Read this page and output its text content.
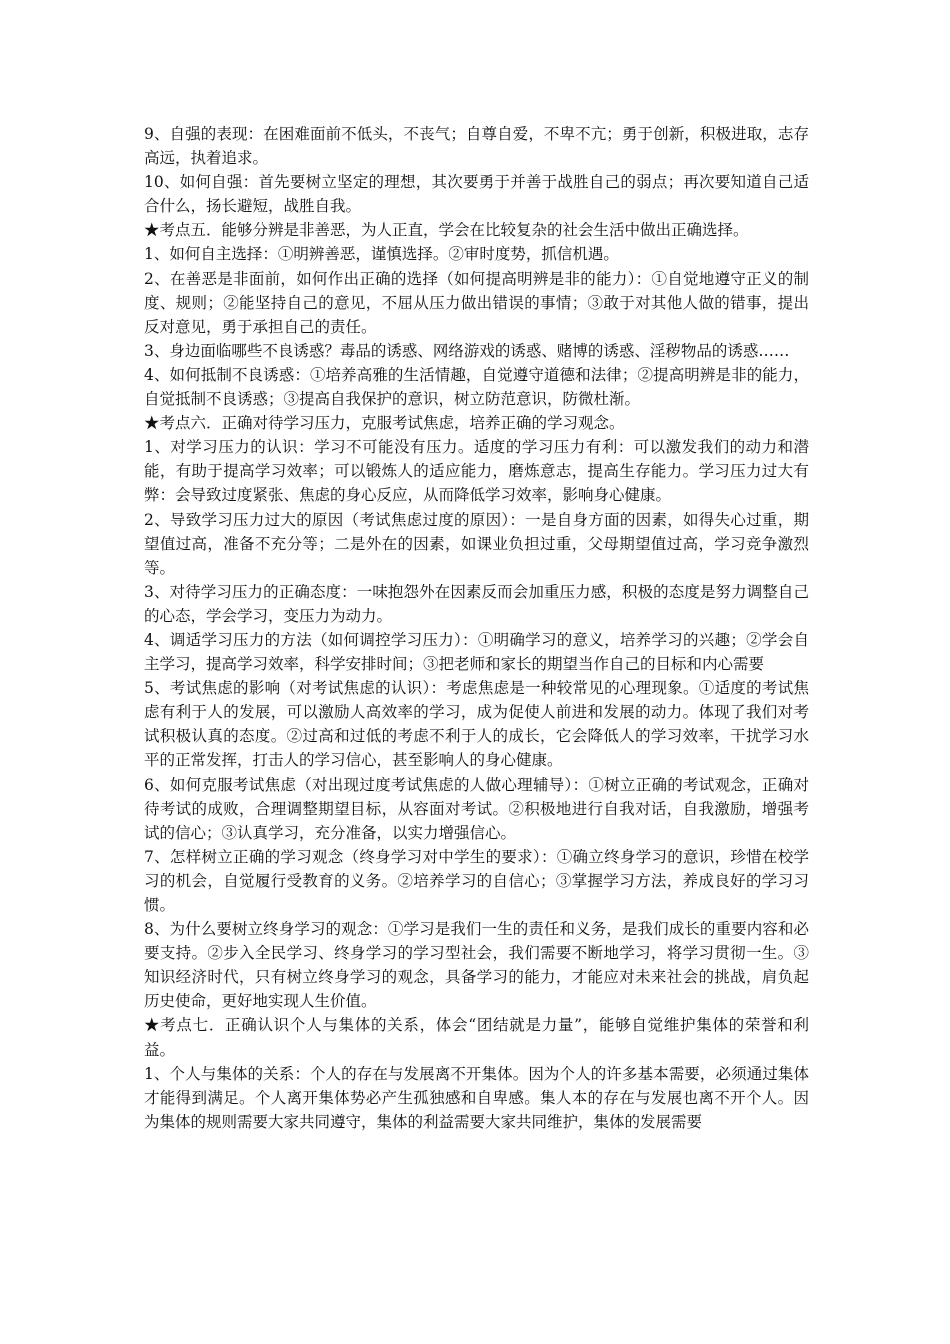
9、自强的表现：在困难面前不低头，不丧气；自尊自爱，不卑不亢；勇于创新，积极进取，志存高远，执着追求。

10、如何自强：首先要树立坚定的理想，其次要勇于并善于战胜自己的弱点；再次要知道自己适合什么，扬长避短，战胜自我。

★考点五．能够分辨是非善恶，为人正直，学会在比较复杂的社会生活中做出正确选择。

1、如何自主选择：①明辨善恶，谨慎选择。②审时度势，抓信机遇。

2、在善恶是非面前，如何作出正确的选择（如何提高明辨是非的能力）：①自觉地遵守正义的制度、规则；②能坚持自己的意见，不屈从压力做出错误的事情；③敢于对其他人做的错事，提出反对意见，勇于承担自己的责任。

3、身边面临哪些不良诱惑？毒品的诱惑、网络游戏的诱惑、赌博的诱惑、淫秽物品的诱惑……

4、如何抵制不良诱惑：①培养高雅的生活情趣，自觉遵守道德和法律；②提高明辨是非的能力，自觉抵制不良诱惑；③提高自我保护的意识，树立防范意识，防微杜渐。

★考点六．正确对待学习压力，克服考试焦虑，培养正确的学习观念。

1、对学习压力的认识：学习不可能没有压力。适度的学习压力有利：可以激发我们的动力和潜能，有助于提高学习效率；可以锻炼人的适应能力，磨炼意志，提高生存能力。学习压力过大有弊：会导致过度紧张、焦虑的身心反应，从而降低学习效率，影响身心健康。

2、导致学习压力过大的原因（考试焦虑过度的原因）：一是自身方面的因素，如得失心过重，期望值过高，准备不充分等；二是外在的因素，如课业负担过重，父母期望值过高，学习竞争激烈等。

3、对待学习压力的正确态度：一味抱怨外在因素反而会加重压力感，积极的态度是努力调整自己的心态，学会学习，变压力为动力。

4、调适学习压力的方法（如何调控学习压力）：①明确学习的意义，培养学习的兴趣；②学会自主学习，提高学习效率，科学安排时间；③把老师和家长的期望当作自己的目标和内心需要

5、考试焦虑的影响（对考试焦虑的认识）：考虑焦虑是一种较常见的心理现象。①适度的考试焦虑有利于人的发展，可以激励人高效率的学习，成为促使人前进和发展的动力。体现了我们对考试积极认真的态度。②过高和过低的考虑不利于人的成长，它会降低人的学习效率，干扰学习水平的正常发挥，打击人的学习信心，甚至影响人的身心健康。

6、如何克服考试焦虑（对出现过度考试焦虑的人做心理辅导）：①树立正确的考试观念，正确对待考试的成败，合理调整期望目标，从容面对考试。②积极地进行自我对话，自我激励，增强考试的信心；③认真学习，充分准备，以实力增强信心。

7、怎样树立正确的学习观念（终身学习对中学生的要求）：①确立终身学习的意识，珍惜在校学习的机会，自觉履行受教育的义务。②培养学习的自信心；③掌握学习方法，养成良好的学习习惯。

8、为什么要树立终身学习的观念：①学习是我们一生的责任和义务，是我们成长的重要内容和必要支持。②步入全民学习、终身学习的学习型社会，我们需要不断地学习，将学习贯彻一生。③知识经济时代，只有树立终身学习的观念，具备学习的能力，才能应对未来社会的挑战，肩负起历史使命，更好地实现人生价值。

★考点七．正确认识个人与集体的关系，体会“团结就是力量”，能够自觉维护集体的荣誉和利益。

1、个人与集体的关系：个人的存在与发展离不开集体。因为个人的许多基本需要，必须通过集体才能得到满足。个人离开集体势必产生孤独感和自卑感。集人本的存在与发展也离不开个人。因为集体的规则需要大家共同遵守，集体的利益需要大家共同维护，集体的发展需要
